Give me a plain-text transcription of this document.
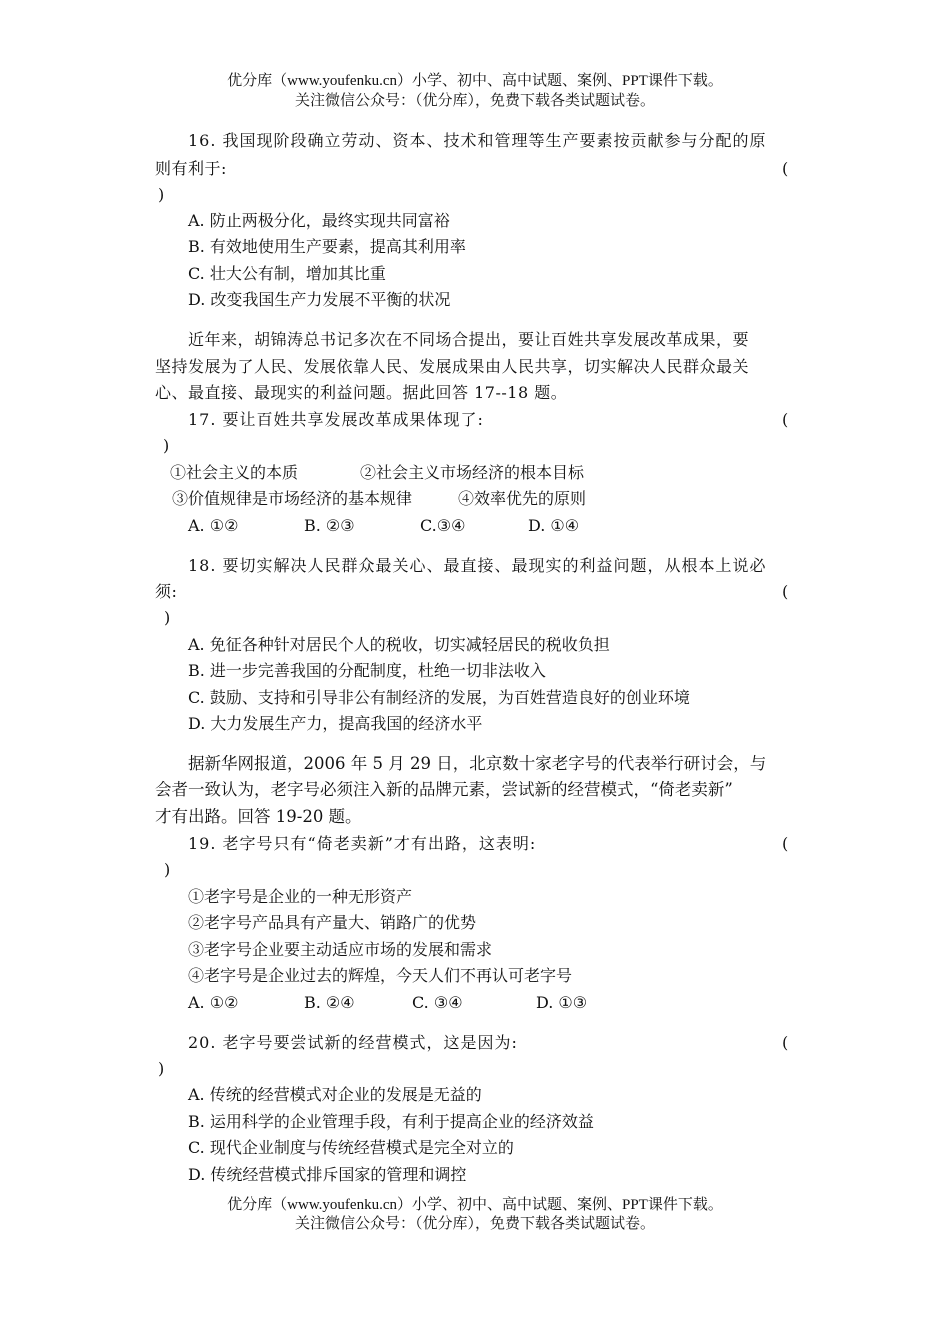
优分库（www.youfenku.cn）小学、初中、高中试题、案例、PPT课件下载。
关注微信公众号：（优分库），免费下载各类试题试卷。
16. 我国现阶段确立劳动、资本、技术和管理等生产要素按贡献参与分配的原
则有利于:	(
)
A. 防止两极分化，最终实现共同富裕
B. 有效地使用生产要素，提高其利用率
C. 壮大公有制，增加其比重
D. 改变我国生产力发展不平衡的状况
近年来，胡锦涛总书记多次在不同场合提出，要让百姓共享发展改革成果，要
坚持发展为了人民、发展依靠人民、发展成果由人民共享，切实解决人民群众最关
心、最直接、最现实的利益问题。据此回答 17--18 题。
17. 要让百姓共享发展改革成果体现了:	(
)
①社会主义的本质	②社会主义市场经济的根本目标
③价值规律是市场经济的基本规律	④效率优先的原则
A. ①②	B. ②③	C.③④	D. ①④
18. 要切实解决人民群众最关心、最直接、最现实的利益问题，从根本上说必
须:	(
)
A. 免征各种针对居民个人的税收，切实减轻居民的税收负担
B. 进一步完善我国的分配制度，杜绝一切非法收入
C. 鼓励、支持和引导非公有制经济的发展，为百姓营造良好的创业环境
D. 大力发展生产力，提高我国的经济水平
据新华网报道，2006 年 5 月 29 日，北京数十家老字号的代表举行研讨会，与
会者一致认为，老字号必须注入新的品牌元素，尝试新的经营模式，“倚老卖新”
才有出路。回答 19-20 题。
19. 老字号只有“倚老卖新”才有出路，这表明:	(
)
①老字号是企业的一种无形资产
②老字号产品具有产量大、销路广的优势
③老字号企业要主动适应市场的发展和需求
④老字号是企业过去的辉煌，今天人们不再认可老字号
A. ①②	B. ②④	C. ③④	D. ①③
20. 老字号要尝试新的经营模式，这是因为:	(
)
A. 传统的经营模式对企业的发展是无益的
B. 运用科学的企业管理手段，有利于提高企业的经济效益
C. 现代企业制度与传统经营模式是完全对立的
D. 传统经营模式排斥国家的管理和调控
优分库（www.youfenku.cn）小学、初中、高中试题、案例、PPT课件下载。
关注微信公众号：（优分库），免费下载各类试题试卷。
